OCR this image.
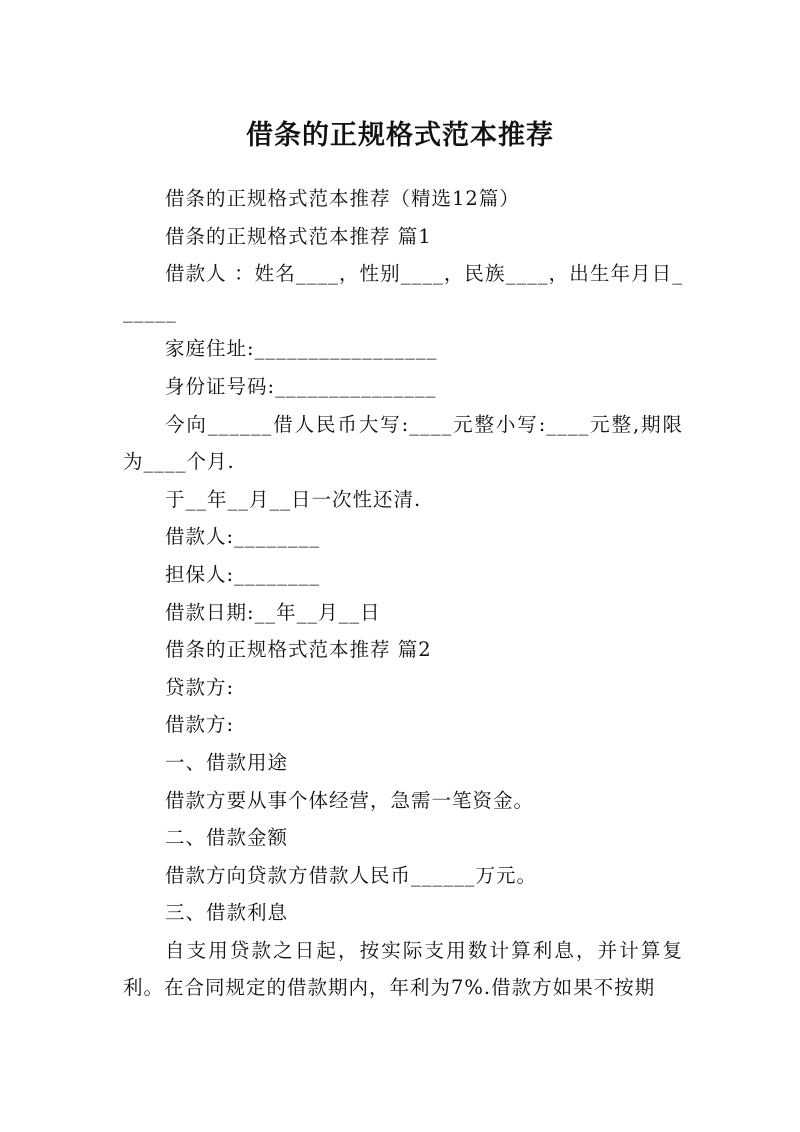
借条的正规格式范本推荐

借条的正规格式范本推荐（精选12篇）

借条的正规格式范本推荐 篇1

借款人 ：姓名____，性别____，民族____，出生年月日______

家庭住址:_________________

身份证号码:_______________

今向______借人民币大写:____元整小写:____元整,期限为____个月.

于__年__月__日一次性还清.

借款人:________

担保人:________

借款日期:__年__月__日

借条的正规格式范本推荐 篇2

贷款方:

借款方:

一、借款用途

借款方要从事个体经营，急需一笔资金。

二、借款金额

借款方向贷款方借款人民币______万元。

三、借款利息

自支用贷款之日起，按实际支用数计算利息，并计算复利。在合同规定的借款期内，年利为7%.借款方如果不按期
